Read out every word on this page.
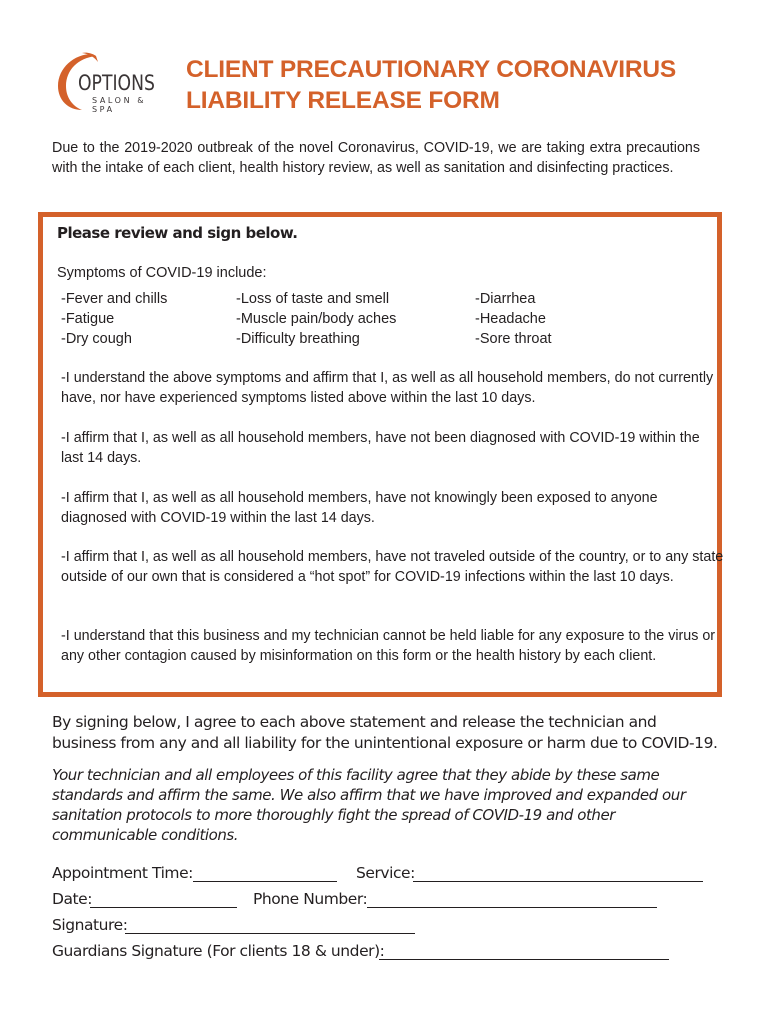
OPTIONS
SALON & SPA
CLIENT PRECAUTIONARY CORONAVIRUS
LIABILITY RELEASE FORM

Due to the 2019-2020 outbreak of the novel Coronavirus, COVID-19, we are taking extra precautions with the intake of each client, health history review, as well as sanitation and disinfecting practices.

Please review and sign below.

Symptoms of COVID-19 include:

-Fever and chills
-Fatigue
-Dry cough
-Loss of taste and smell
-Muscle pain/body aches
-Difficulty breathing
-Diarrhea
-Headache
-Sore throat

-I understand the above symptoms and affirm that I, as well as all household members, do not currently have, nor have experienced symptoms listed above within the last 10 days.

-I affirm that I, as well as all household members, have not been diagnosed with COVID-19 within the last 14 days.

-I affirm that I, as well as all household members, have not knowingly been exposed to anyone diagnosed with COVID-19 within the last 14 days.

-I affirm that I, as well as all household members, have not traveled outside of the country, or to any state outside of our own that is considered a “hot spot” for COVID-19 infections within the last 10 days.

-I understand that this business and my technician cannot be held liable for any exposure to the virus or any other contagion caused by misinformation on this form or the health history by each client.

By signing below, I agree to each above statement and release the technician and business from any and all liability for the unintentional exposure or harm due to COVID-19.

Your technician and all employees of this facility agree that they abide by these same standards and affirm the same. We also affirm that we have improved and expanded our sanitation protocols to more thoroughly fight the spread of COVID-19 and other communicable conditions.

Appointment Time:	Service:
Date:	Phone Number:
Signature:
Guardians Signature (For clients 18 & under):
